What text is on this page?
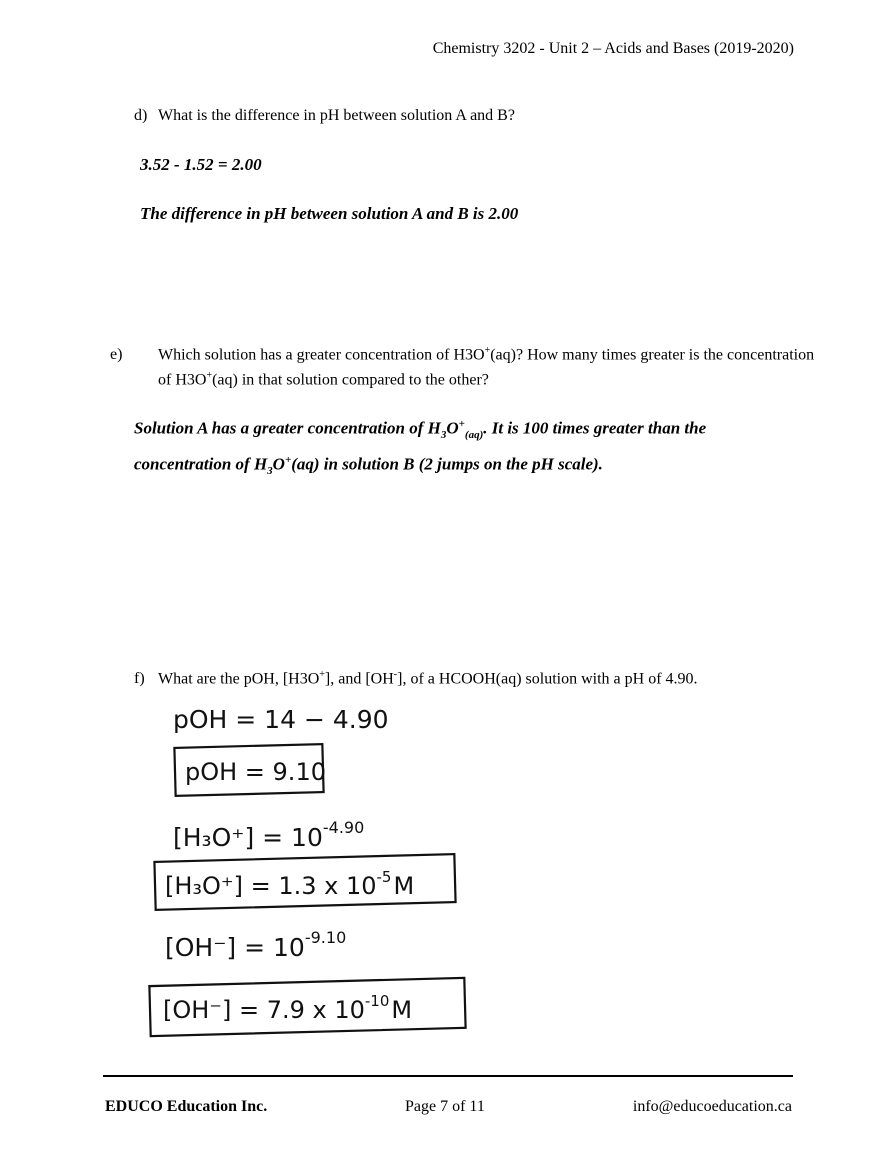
Chemistry 3202 - Unit 2 – Acids and Bases (2019-2020)
d) What is the difference in pH between solution A and B?
3.52 - 1.52 = 2.00
The difference in pH between solution A and B is 2.00
e) Which solution has a greater concentration of H3O+(aq)? How many times greater is the concentration of H3O+(aq) in that solution compared to the other?
Solution A has a greater concentration of $H_3O^+_{(aq)}$. It is 100 times greater than the concentration of $H_3O^+(aq)$ in solution B (2 jumps on the pH scale).
f) What are the pOH, [H3O+], and [OH-], of a HCOOH(aq) solution with a pH of 4.90.
pOH = 14 − 4.90
pOH = 9.10
$[H_3O^+] = 10^{-4.90}$
[H₃O⁺] = 1.3 x $10^{-5}M$
$[OH^-] = 10^{-9.10}$
[OH⁻] = 7.9 x $10^{-10}M$
EDUCO Education Inc.	Page 7 of 11	info@educoeducation.ca
